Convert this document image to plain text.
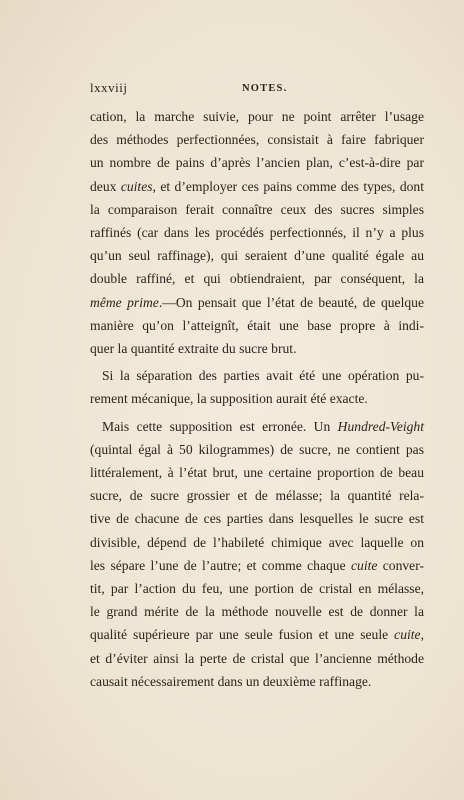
lxxviij	NOTES.

cation, la marche suivie, pour ne point arrêter l’usage
des méthodes perfectionnées, consistait à faire fabriquer
un nombre de pains d’après l’ancien plan, c’est-à-dire par
deux cuites, et d’employer ces pains comme des types, dont
la comparaison ferait connaître ceux des sucres simples
raffinés (car dans les procédés perfectionnés, il n’y a plus
qu’un seul raffinage), qui seraient d’une qualité égale au
double raffiné, et qui obtiendraient, par conséquent, la
même prime.—On pensait que l’état de beauté, de quelque
manière qu’on l’atteignît, était une base propre à indi-
quer la quantité extraite du sucre brut.

Si la séparation des parties avait été une opération pu-
rement mécanique, la supposition aurait été exacte.

Mais cette supposition est erronée. Un Hundred-Veight
(quintal égal à 50 kilogrammes) de sucre, ne contient pas
littéralement, à l’état brut, une certaine proportion de beau
sucre, de sucre grossier et de mélasse; la quantité rela-
tive de chacune de ces parties dans lesquelles le sucre est
divisible, dépend de l’habileté chimique avec laquelle on
les sépare l’une de l’autre; et comme chaque cuite conver-
tit, par l’action du feu, une portion de cristal en mélasse,
le grand mérite de la méthode nouvelle est de donner la
qualité supérieure par une seule fusion et une seule cuite,
et d’éviter ainsi la perte de cristal que l’ancienne méthode
causait nécessairement dans un deuxième raffinage.
